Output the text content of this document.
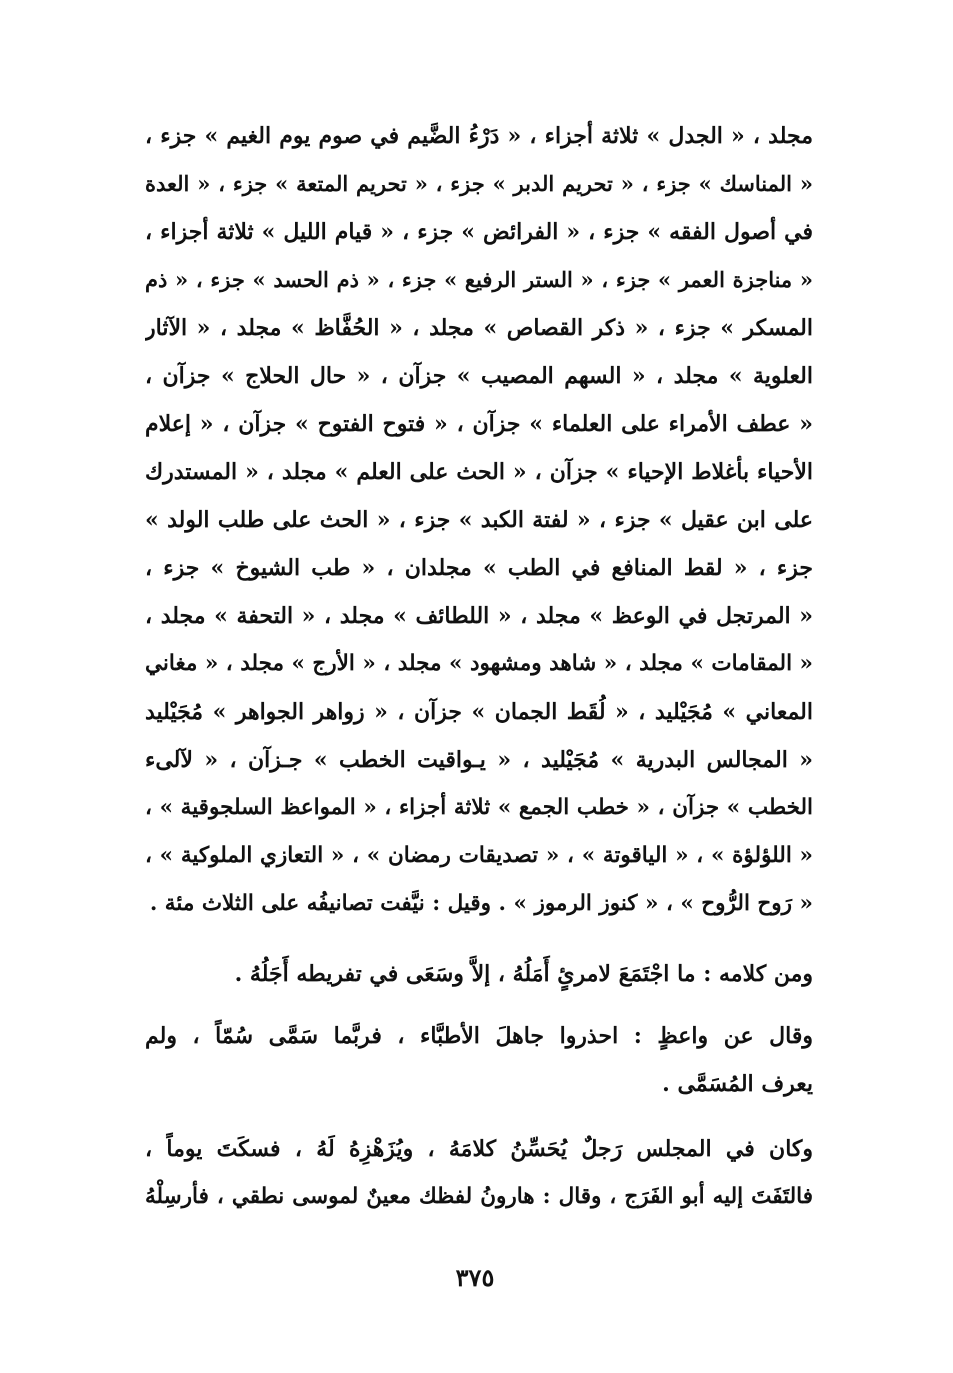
مجلد ، « الجدل » ثلاثة أجزاء ، « دَرْءُ الضَّيم في صوم يوم الغيم » جزء ،
« المناسك » جزء ، « تحريم الدبر » جزء ، « تحريم المتعة » جزء ، « العدة
في أصول الفقه » جزء ، « الفرائض » جزء ، « قيام الليل » ثلاثة أجزاء ،
« مناجزة العمر » جزء ، « الستر الرفيع » جزء ، « ذم الحسد » جزء ، « ذم
المسكر » جزء ، « ذكر القصاص » مجلد ، « الحُفَّاظ » مجلد ، « الآثار
العلوية » مجلد ، « السهم المصيب » جزآن ، « حال الحلاج » جزآن ،
« عطف الأمراء على العلماء » جزآن ، « فتوح الفتوح » جزآن ، « إعلام
الأحياء بأغلاط الإحياء » جزآن ، « الحث على العلم » مجلد ، « المستدرك
على ابن عقيل » جزء ، « لفتة الكبد » جزء ، « الحث على طلب الولد »
جزء ، « لقط المنافع في الطب » مجلدان ، « طب الشيوخ » جزء ،
« المرتجل في الوعظ » مجلد ، « اللطائف » مجلد ، « التحفة » مجلد ،
« المقامات » مجلد ، « شاهد ومشهود » مجلد ، « الأرج » مجلد ، « مغاني
المعاني » مُجَيْليد ، « لُقَط الجمان » جزآن ، « زواهر الجواهر » مُجَيْليد
« المجالس البدرية » مُجَيْليد ، « يـواقيت الخطب » جـزآن ، « لآلىء
الخطب » جزآن ، « خطب الجمع » ثلاثة أجزاء ، « المواعظ السلجوقية » ،
« اللؤلؤة » ، « الياقوتة » ، « تصديقات رمضان » ، « التعازي الملوكية » ،
« رَوح الرُّوح » ، « كنوز الرموز » . وقيل : نيَّفت تصانيفُه على الثلاث مئة .
ومن كلامه : ما اجْتَمَعَ لامرئٍ أَمَلُهُ ، إلاَّ وسَعَى في تفريطه أَجَلُهُ .
وقال عن واعظٍ : احذروا جاهلَ الأطبَّاء ، فربَّما سَمَّى سُمّاً ، ولم
يعرف المُسَمَّى .
وكان في المجلس رَجلٌ يُحَسِّنُ كلامَهُ ، ويُزَهْزِهُ لَهُ ، فسكَتَ يوماً ،
فالتَفَتَ إليه أبو الفَرَج ، وقال : هارونُ لفظك معينٌ لموسى نطقي ، فأرسِلْهُ
٣٧٥
